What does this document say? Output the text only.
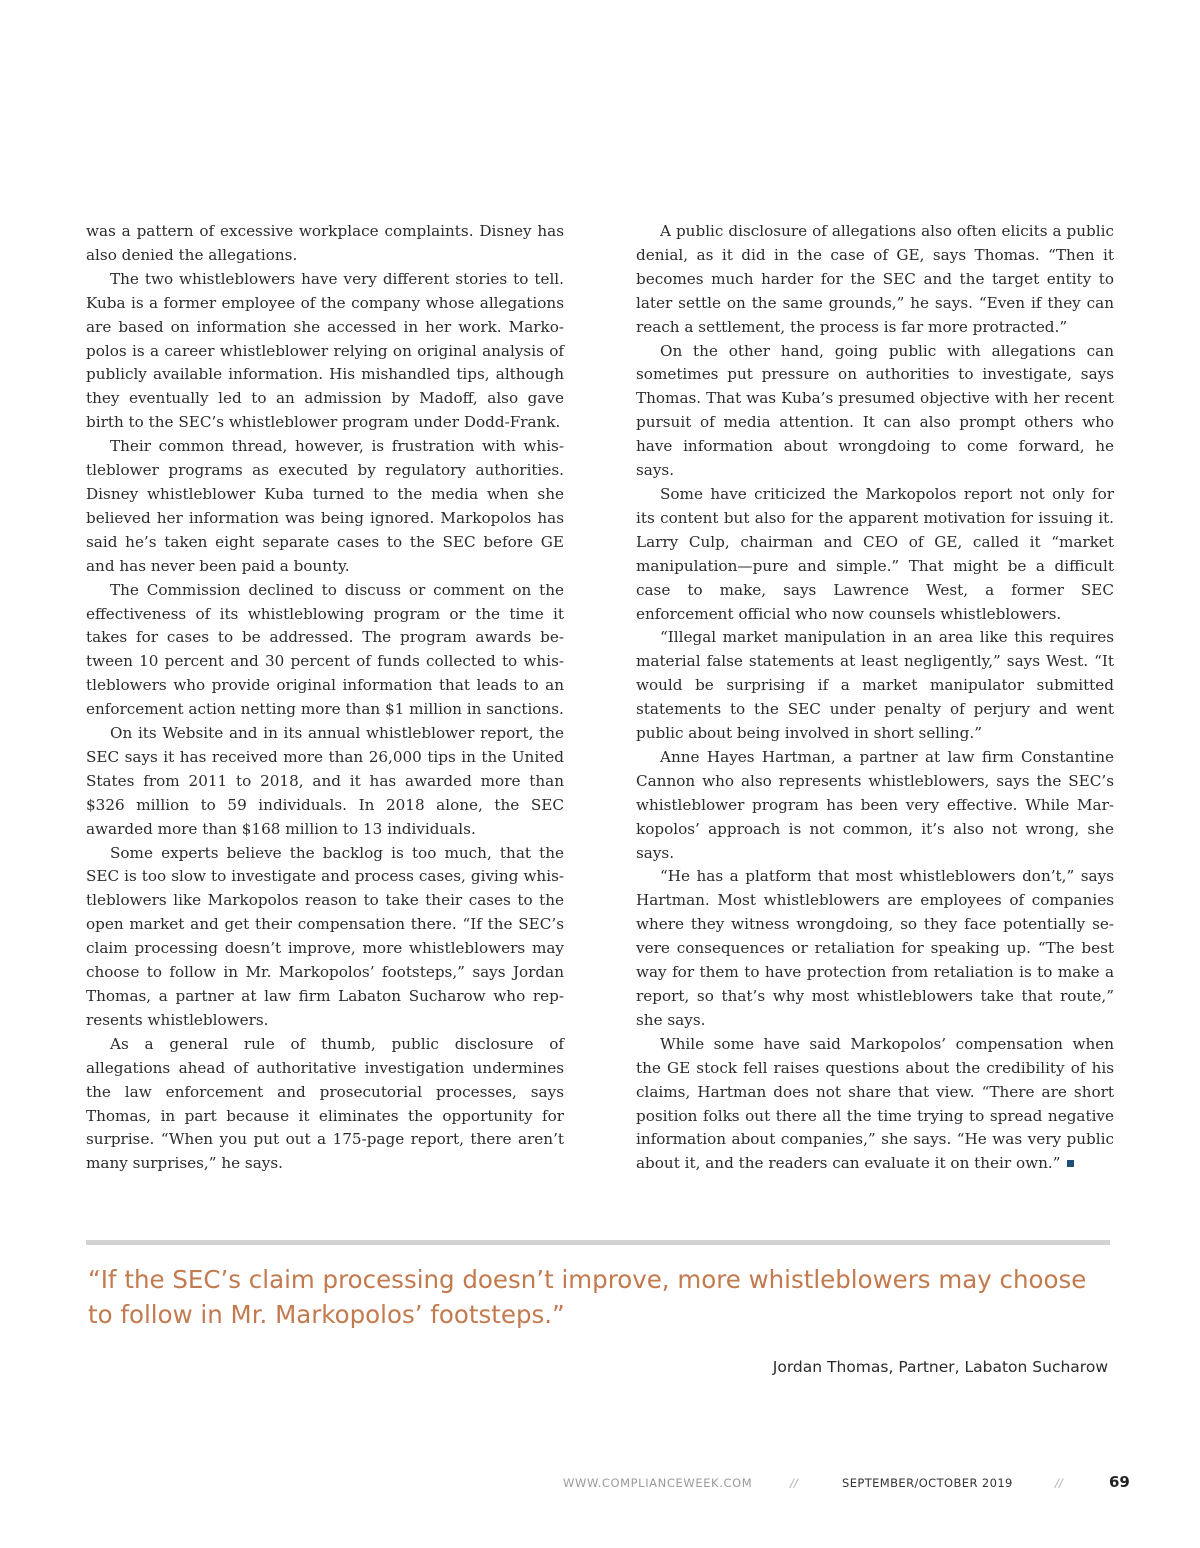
was a pattern of excessive workplace complaints. Disney has also denied the allegations.

The two whistleblowers have very different stories to tell. Kuba is a former employee of the company whose allegations are based on information she accessed in her work. Markopolos is a career whistleblower relying on original analysis of publicly available information. His mishandled tips, although they eventually led to an admission by Madoff, also gave birth to the SEC’s whistleblower program under Dodd-Frank.

Their common thread, however, is frustration with whistleblower programs as executed by regulatory authorities. Disney whistleblower Kuba turned to the media when she believed her information was being ignored. Markopolos has said he’s taken eight separate cases to the SEC before GE and has never been paid a bounty.

The Commission declined to discuss or comment on the effectiveness of its whistleblowing program or the time it takes for cases to be addressed. The program awards between 10 percent and 30 percent of funds collected to whistleblowers who provide original information that leads to an enforcement action netting more than $1 million in sanctions.

On its Website and in its annual whistleblower report, the SEC says it has received more than 26,000 tips in the United States from 2011 to 2018, and it has awarded more than $326 million to 59 individuals. In 2018 alone, the SEC awarded more than $168 million to 13 individuals.

Some experts believe the backlog is too much, that the SEC is too slow to investigate and process cases, giving whistleblowers like Markopolos reason to take their cases to the open market and get their compensation there. “If the SEC’s claim processing doesn’t improve, more whistleblowers may choose to follow in Mr. Markopolos’ footsteps,” says Jordan Thomas, a partner at law firm Labaton Sucharow who represents whistleblowers.

As a general rule of thumb, public disclosure of allegations ahead of authoritative investigation undermines the law enforcement and prosecutorial processes, says Thomas, in part because it eliminates the opportunity for surprise. “When you put out a 175-page report, there aren’t many surprises,” he says.

A public disclosure of allegations also often elicits a public denial, as it did in the case of GE, says Thomas. “Then it becomes much harder for the SEC and the target entity to later settle on the same grounds,” he says. “Even if they can reach a settlement, the process is far more protracted.”

On the other hand, going public with allegations can sometimes put pressure on authorities to investigate, says Thomas. That was Kuba’s presumed objective with her recent pursuit of media attention. It can also prompt others who have information about wrongdoing to come forward, he says.

Some have criticized the Markopolos report not only for its content but also for the apparent motivation for issuing it. Larry Culp, chairman and CEO of GE, called it “market manipulation—pure and simple.” That might be a difficult case to make, says Lawrence West, a former SEC enforcement official who now counsels whistleblowers.

“Illegal market manipulation in an area like this requires material false statements at least negligently,” says West. “It would be surprising if a market manipulator submitted statements to the SEC under penalty of perjury and went public about being involved in short selling.”

Anne Hayes Hartman, a partner at law firm Constantine Cannon who also represents whistleblowers, says the SEC’s whistleblower program has been very effective. While Markopolos’ approach is not common, it’s also not wrong, she says.

“He has a platform that most whistleblowers don’t,” says Hartman. Most whistleblowers are employees of companies where they witness wrongdoing, so they face potentially severe consequences or retaliation for speaking up. “The best way for them to have protection from retaliation is to make a report, so that’s why most whistleblowers take that route,” she says.

While some have said Markopolos’ compensation when the GE stock fell raises questions about the credibility of his claims, Hartman does not share that view. “There are short position folks out there all the time trying to spread negative information about companies,” she says. “He was very public about it, and the readers can evaluate it on their own.”

“If the SEC’s claim processing doesn’t improve, more whistleblowers may choose to follow in Mr. Markopolos’ footsteps.”
Jordan Thomas, Partner, Labaton Sucharow
WWW.COMPLIANCEWEEK.COM	//	SEPTEMBER/OCTOBER 2019	//	69
